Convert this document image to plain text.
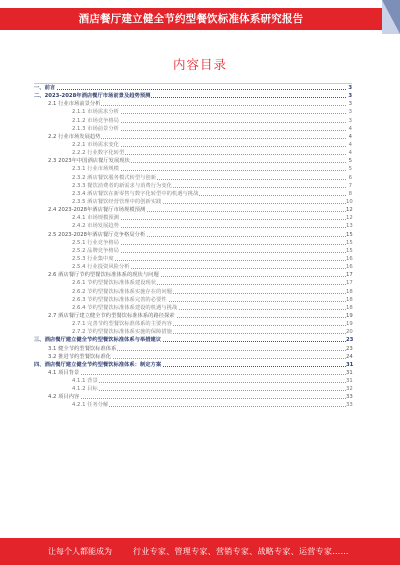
酒店餐厅建立健全节约型餐饮标准体系研究报告
内容目录
一、前言	3
二、2023-2028年酒店餐厅市场前景及趋势预测	3
2.1 行业市场前景分析	3
2.1.1 市场需求分析	3
2.1.2 市场竞争格局	3
2.1.3 市场前景分析	4
2.2 行业市场发展趋势	4
2.2.1 市场需求变化	4
2.2.2 行业数字化转型	4
2.3 2023年中国酒店餐厅发展现状	5
2.3.1 行业市场规模	5
2.3.2 酒店餐饮服务模式转型与创新	6
2.3.3 餐饮消费者的新需求与消费行为变化	7
2.3.4 酒店餐饮在新零售与数字化转型中的机遇与挑战	8
2.3.5 酒店餐饮经营管理中的创新实践	10
2.4 2023-2028年酒店餐厅市场规模预测	12
2.4.1 市场规模预测	12
2.4.2 市场发展趋势	13
2.5 2023-2028年酒店餐厅竞争格局分析	15
2.5.1 行业竞争格局	15
2.5.2 品牌竞争格局	15
2.5.3 行业集中度	16
2.5.4 行业投资风险分析	16
2.6 酒店餐厅节约型餐饮标准体系的现状与问题	17
2.6.1 节约型餐饮标准体系建设现状	17
2.6.2 节约型餐饮标准体系实施存在的问题	18
2.6.3 节约型餐饮标准体系完善的必要性	18
2.6.4 节约型餐饮标准体系建设的机遇与挑战	18
2.7 酒店餐厅建立健全节约型餐饮标准体系的路径探索	19
2.7.1 完善节约型餐饮标准体系的主要内容	19
2.7.2 节约型餐饮标准体系实施的保障措施	20
三、酒店餐厅建立健全节约型餐饮标准体系与举措建议	23
3.1 健全节约型餐饮标准体系	23
3.2 推进节约型餐饮标准化	24
四、酒店餐厅建立健全节约型餐饮标准体系：制定方案	31
4.1 项目背景	31
4.1.1 背景	31
4.1.2 目标	32
4.2 项目内容	33
4.2.1 任务分解	33
让每个人都能成为	行业专家、管理专家、营销专家、战略专家、运营专家……
